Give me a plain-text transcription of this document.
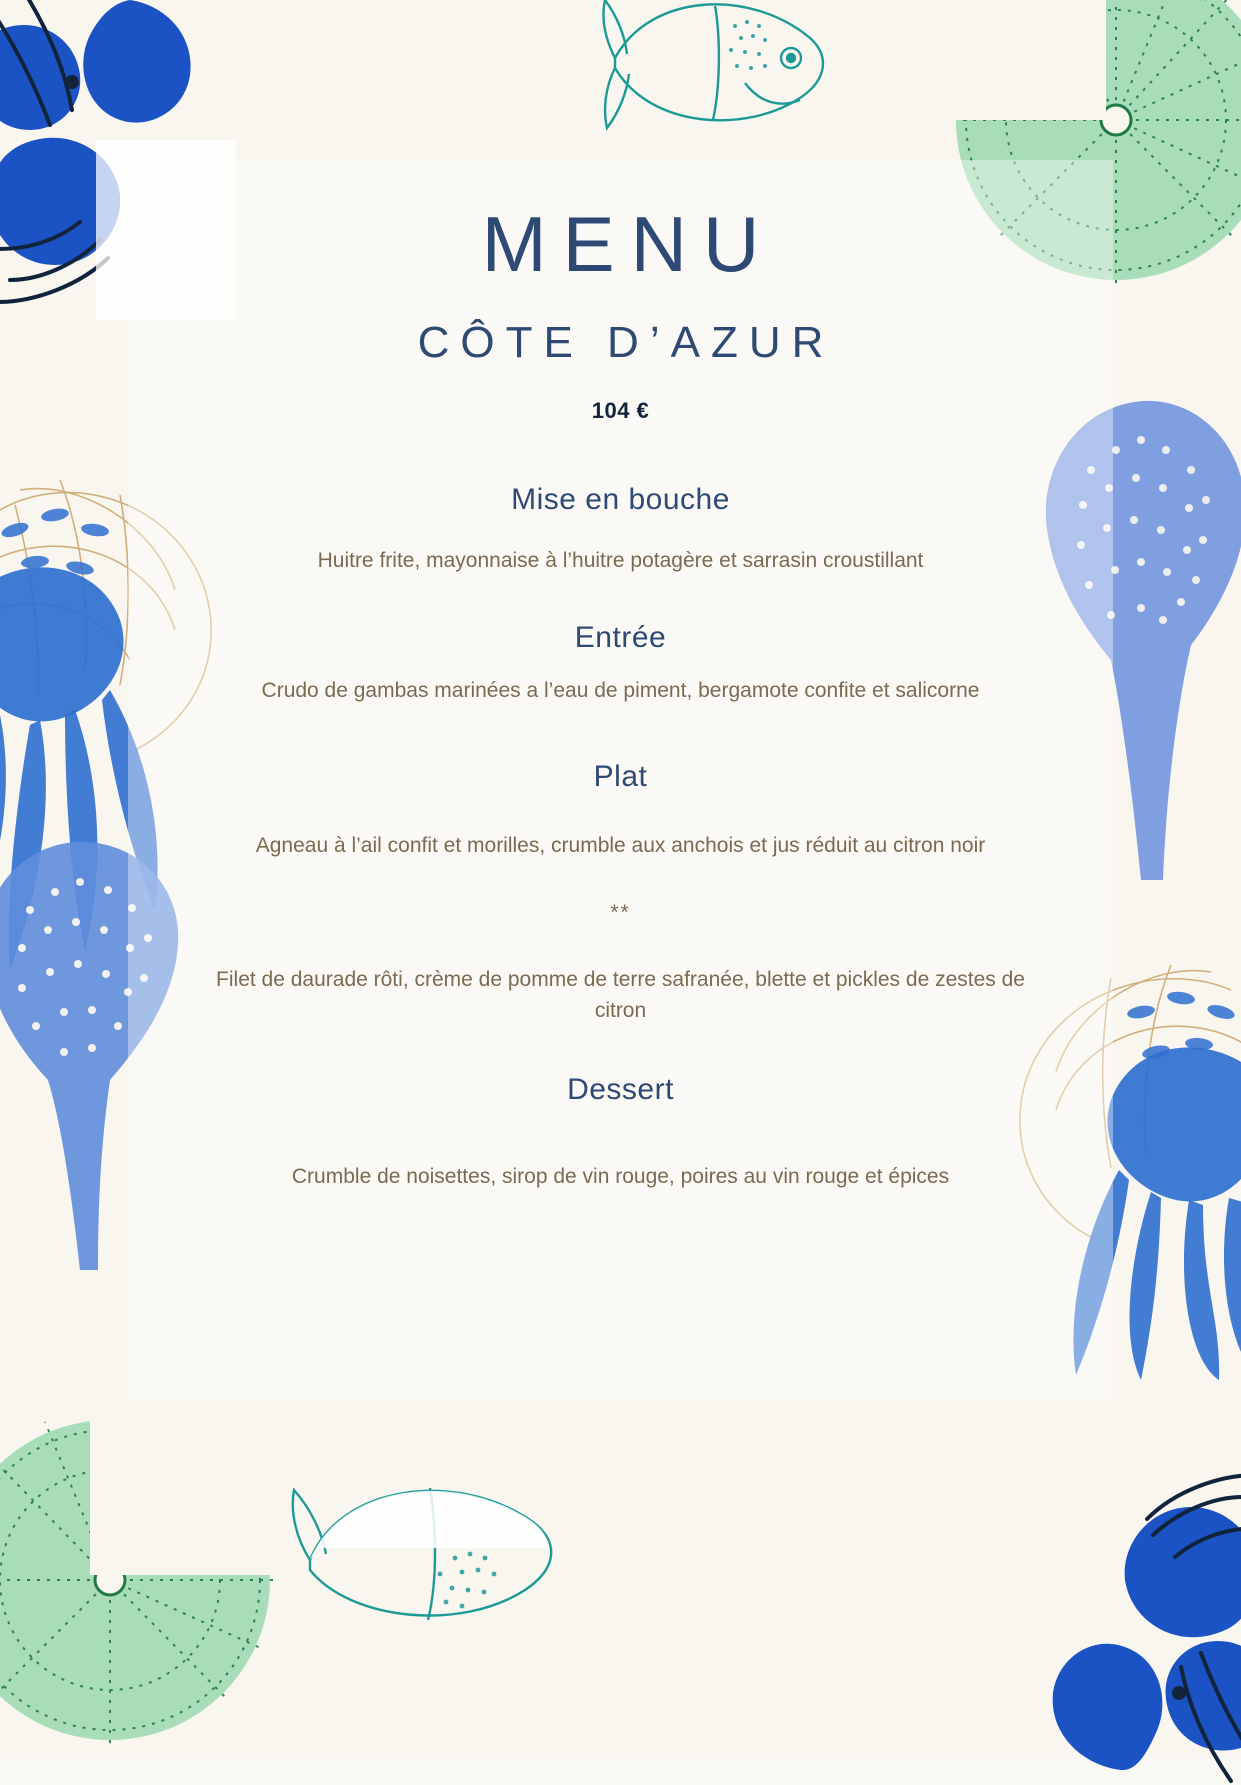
MENU
CÔTE D’AZUR
104 €
Mise en bouche
Huitre frite, mayonnaise à l’huitre potagère et sarrasin croustillant
Entrée
Crudo de gambas marinées a l’eau de piment, bergamote confite et salicorne
Plat
Agneau à l’ail confit et morilles, crumble aux anchois et jus réduit au citron noir
**
Filet de daurade rôti, crème de pomme de terre safranée, blette et pickles de zestes de citron
Dessert
Crumble de noisettes, sirop de vin rouge, poires au vin rouge et épices
